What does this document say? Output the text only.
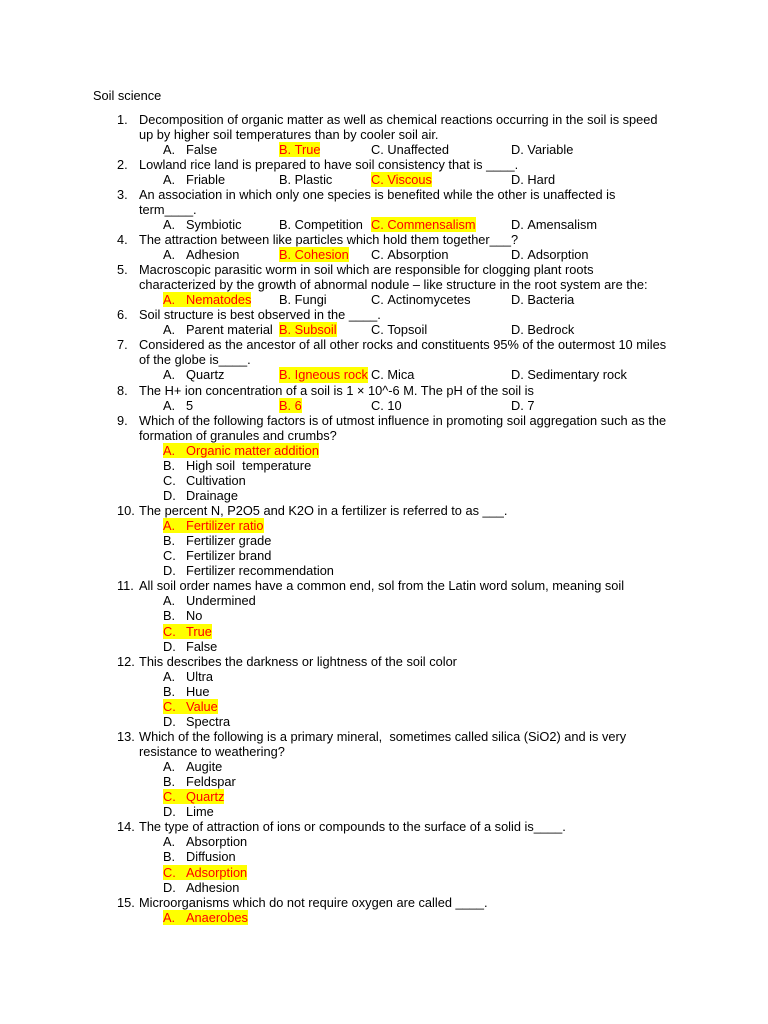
Soil science
1. Decomposition of organic matter as well as chemical reactions occurring in the soil is speed
up by higher soil temperatures than by cooler soil air.
A. False	B. True	C. Unaffected	D. Variable
2. Lowland rice land is prepared to have soil consistency that is ____.
A. Friable	B. Plastic	C. Viscous	D. Hard
3. An association in which only one species is benefited while the other is unaffected is
term____.
A. Symbiotic	B. Competition C. Commensalism	D. Amensalism
4. The attraction between like particles which hold them together___?
A. Adhesion	B. Cohesion C. Absorption	D. Adsorption
5. Macroscopic parasitic worm in soil which are responsible for clogging plant roots
characterized by the growth of abnormal nodule – like structure in the root system are the:
A. Nematodes B. Fungi	C. Actinomycetes	D. Bacteria
6. Soil structure is best observed in the ____.
A. Parent material B. Subsoil	C. Topsoil	D. Bedrock
7. Considered as the ancestor of all other rocks and constituents 95% of the outermost 10 miles
of the globe is____.
A. Quartz	B. Igneous rock C. Mica	D. Sedimentary rock
8. The H+ ion concentration of a soil is 1 × 10^-6 M. The pH of the soil is
A. 5	B. 6	C. 10	D. 7
9. Which of the following factors is of utmost influence in promoting soil aggregation such as the
formation of granules and crumbs?
A. Organic matter addition
B. High soil  temperature
C. Cultivation
D. Drainage
10. The percent N, P2O5 and K2O in a fertilizer is referred to as ___.
A. Fertilizer ratio
B. Fertilizer grade
C. Fertilizer brand
D. Fertilizer recommendation
11. All soil order names have a common end, sol from the Latin word solum, meaning soil
A. Undermined
B. No
C. True
D. False
12. This describes the darkness or lightness of the soil color
A. Ultra
B. Hue
C. Value
D. Spectra
13. Which of the following is a primary mineral,  sometimes called silica (SiO2) and is very
resistance to weathering?
A. Augite
B. Feldspar
C. Quartz
D. Lime
14. The type of attraction of ions or compounds to the surface of a solid is____.
A. Absorption
B. Diffusion
C. Adsorption
D. Adhesion
15. Microorganisms which do not require oxygen are called ____.
A. Anaerobes
